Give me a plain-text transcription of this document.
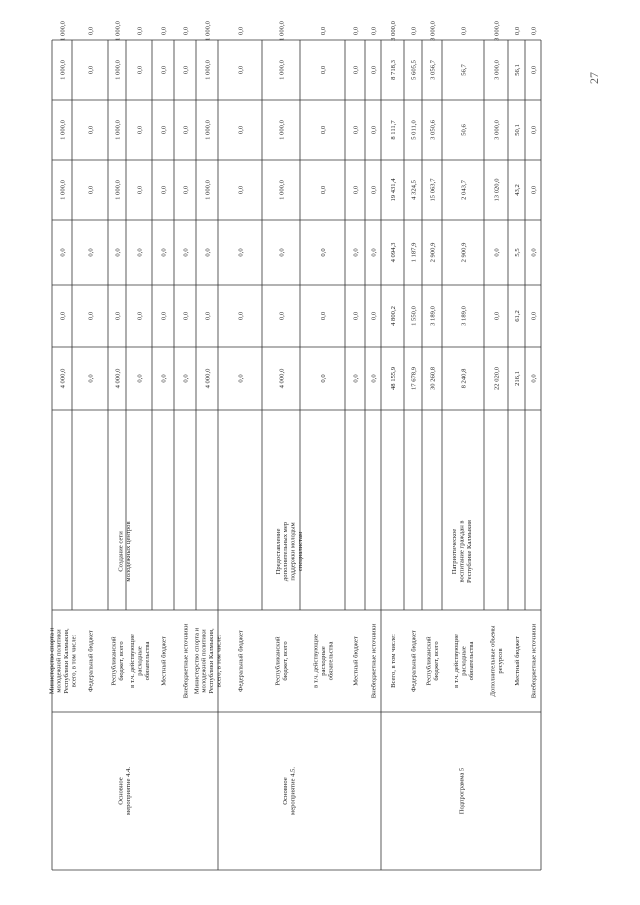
Министерство спорта и молодежной политики Республики Калмыкия, всего, в том числе:
4 000,0
0,0
0,0
1 000,0
1 000,0
1 000,0
1 000,0
Федеральный бюджет
0,0
0,0
0,0
0,0
0,0
0,0
0,0
Республиканский бюджет, всего
4 000,0
0,0
0,0
1 000,0
1 000,0
1 000,0
1 000,0
в т.ч. действующие расходные обязательства
0,0
0,0
0,0
0,0
0,0
0,0
0,0
Местный бюджет
0,0
0,0
0,0
0,0
0,0
0,0
0,0
Внебюджетные источники
0,0
0,0
0,0
0,0
0,0
0,0
0,0
Министерство спорта и молодежной политики Республики Калмыкия, всего, в том числе:
4 000,0
0,0
0,0
1 000,0
1 000,0
1 000,0
1 000,0
Федеральный бюджет
0,0
0,0
0,0
0,0
0,0
0,0
0,0
Республиканский бюджет, всего
4 000,0
0,0
0,0
1 000,0
1 000,0
1 000,0
1 000,0
в т.ч. действующие расходные обязательства
0,0
0,0
0,0
0,0
0,0
0,0
0,0
Местный бюджет
0,0
0,0
0,0
0,0
0,0
0,0
0,0
Внебюджетные источники
0,0
0,0
0,0
0,0
0,0
0,0
0,0
Всего, в том числе:
48 155,9
4 800,2
4 094,3
19 431,4
8 111,7
8 718,3
3 000,0
Федеральный бюджет
17 678,9
1 550,0
1 187,9
4 324,5
5 011,0
5 605,5
0,0
Республиканский бюджет, всего
30 260,8
3 189,0
2 900,9
15 063,7
3 050,6
3 056,7
3 000,0
в т.ч. действующие расходные обязательства
8 240,8
3 189,0
2 900,9
2 043,7
50,6
56,7
0,0
Дополнительные объемы ресурсов
22 020,0
0,0
0,0
13 020,0
3 000,0
3 000,0
3 000,0
Местный бюджет
216,1
61,2
5,5
43,2
50,1
56,1
0,0
Внебюджетные источники
0,0
0,0
0,0
0,0
0,0
0,0
0,0
Основное мероприятие 4.4.
Создание сети молодежных центров
Основное мероприятие 4.5.
Предоставление дополнительных мер поддержки молодым специалистам
Подпрограмма 5
Патриотическое воспитание граждан в Республике Калмыкия
27
